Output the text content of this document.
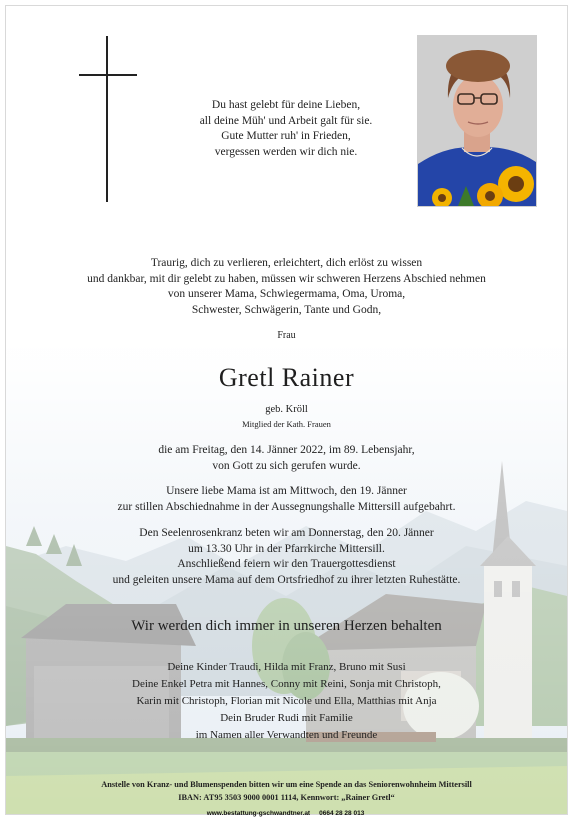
Du hast gelebt für deine Lieben,
all deine Müh' und Arbeit galt für sie.
Gute Mutter ruh' in Frieden,
vergessen werden wir dich nie.
Traurig, dich zu verlieren, erleichtert, dich erlöst zu wissen
und dankbar, mit dir gelebt zu haben, müssen wir schweren Herzens Abschied nehmen
von unserer Mama, Schwiegermama, Oma, Uroma,
Schwester, Schwägerin, Tante und Godn,
Frau
Gretl Rainer
geb. Kröll
Mitglied der Kath. Frauen
die am Freitag, den 14. Jänner 2022, im 89. Lebensjahr,
von Gott zu sich gerufen wurde.
Unsere liebe Mama ist am Mittwoch, den 19. Jänner
zur stillen Abschiednahme in der Aussegnungshalle Mittersill aufgebahrt.
Den Seelenrosenkranz beten wir am Donnerstag, den 20. Jänner
um 13.30 Uhr in der Pfarrkirche Mittersill.
Anschließend feiern wir den Trauergottesdienst
und geleiten unsere Mama auf dem Ortsfriedhof zu ihrer letzten Ruhestätte.
Wir werden dich immer in unseren Herzen behalten
Deine Kinder Traudi, Hilda mit Franz, Bruno mit Susi
Deine Enkel Petra mit Hannes, Conny mit Reini, Sonja mit Christoph,
Karin mit Christoph, Florian mit Nicole und Ella, Matthias mit Anja
Dein Bruder Rudi mit Familie
im Namen aller Verwandten und Freunde
Anstelle von Kranz- und Blumenspenden bitten wir um eine Spende an das Seniorenwohnheim Mittersill
IBAN: AT95 3503 9000 0001 1114, Kennwort: „Rainer Gretl“
www.bestattung-gschwandtner.at     0664 28 28 013
